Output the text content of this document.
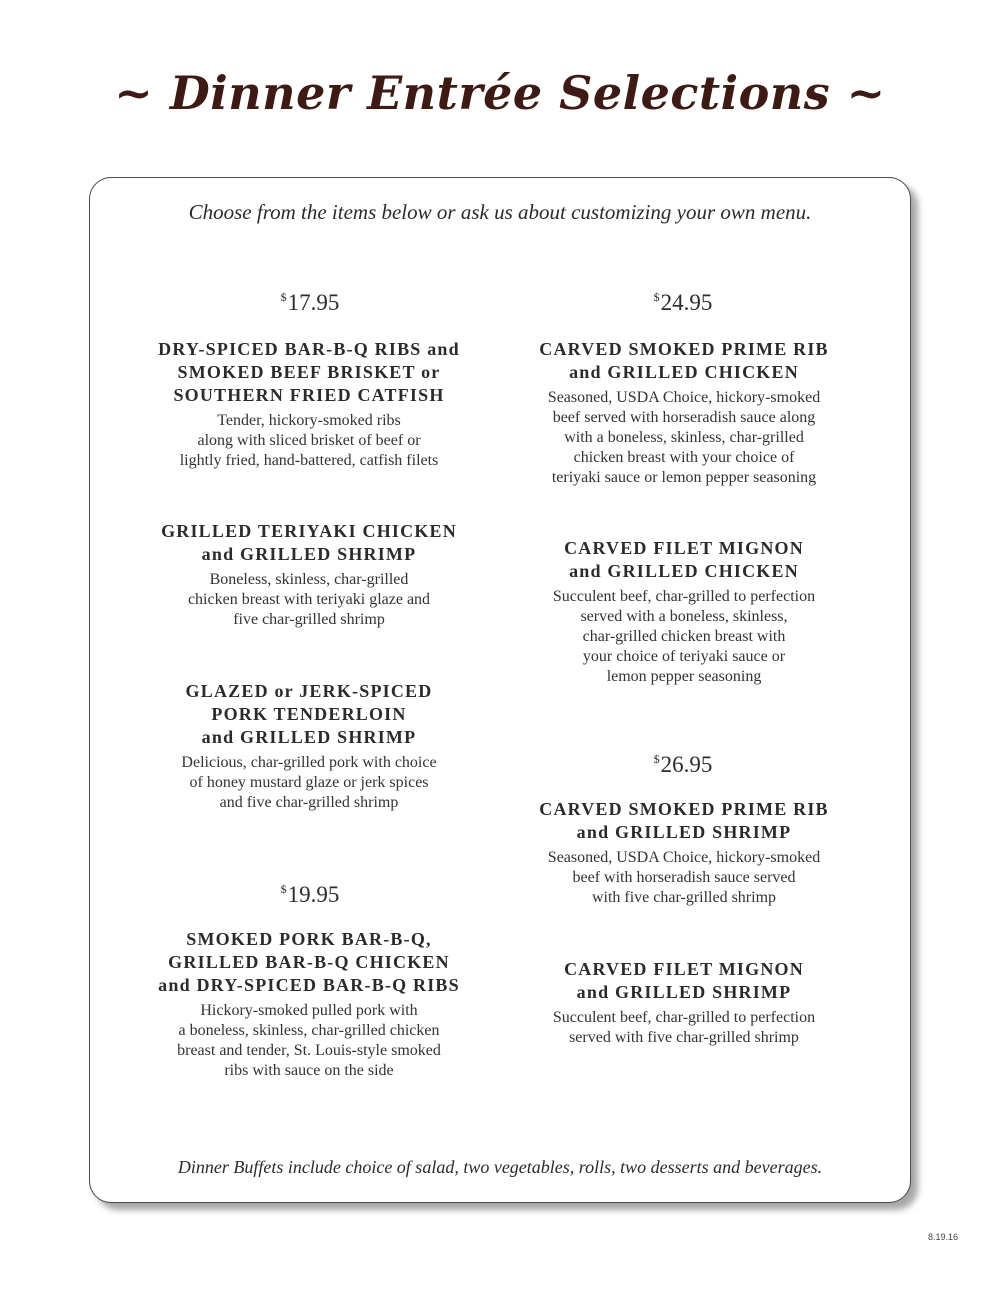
~ Dinner Entrée Selections ~
Choose from the items below or ask us about customizing your own menu.
$17.95
DRY-SPICED BAR-B-Q RIBS and
SMOKED BEEF BRISKET or
SOUTHERN FRIED CATFISH
Tender, hickory-smoked ribs
along with sliced brisket of beef or
lightly fried, hand-battered, catfish filets
GRILLED TERIYAKI CHICKEN
and GRILLED SHRIMP
Boneless, skinless, char-grilled
chicken breast with teriyaki glaze and
five char-grilled shrimp
GLAZED or JERK-SPICED
PORK TENDERLOIN
and GRILLED SHRIMP
Delicious, char-grilled pork with choice
of honey mustard glaze or jerk spices
and five char-grilled shrimp
$19.95
SMOKED PORK BAR-B-Q,
GRILLED BAR-B-Q CHICKEN
and DRY-SPICED BAR-B-Q RIBS
Hickory-smoked pulled pork with
a boneless, skinless, char-grilled chicken
breast and tender, St. Louis-style smoked
ribs with sauce on the side
$24.95
CARVED SMOKED PRIME RIB
and GRILLED CHICKEN
Seasoned, USDA Choice, hickory-smoked
beef served with horseradish sauce along
with a boneless, skinless, char-grilled
chicken breast with your choice of
teriyaki sauce or lemon pepper seasoning
CARVED FILET MIGNON
and GRILLED CHICKEN
Succulent beef, char-grilled to perfection
served with a boneless, skinless,
char-grilled chicken breast with
your choice of teriyaki sauce or
lemon pepper seasoning
$26.95
CARVED SMOKED PRIME RIB
and GRILLED SHRIMP
Seasoned, USDA Choice, hickory-smoked
beef with horseradish sauce served
with five char-grilled shrimp
CARVED FILET MIGNON
and GRILLED SHRIMP
Succulent beef, char-grilled to perfection
served with five char-grilled shrimp
Dinner Buffets include choice of salad, two vegetables, rolls, two desserts and beverages.
8.19.16
